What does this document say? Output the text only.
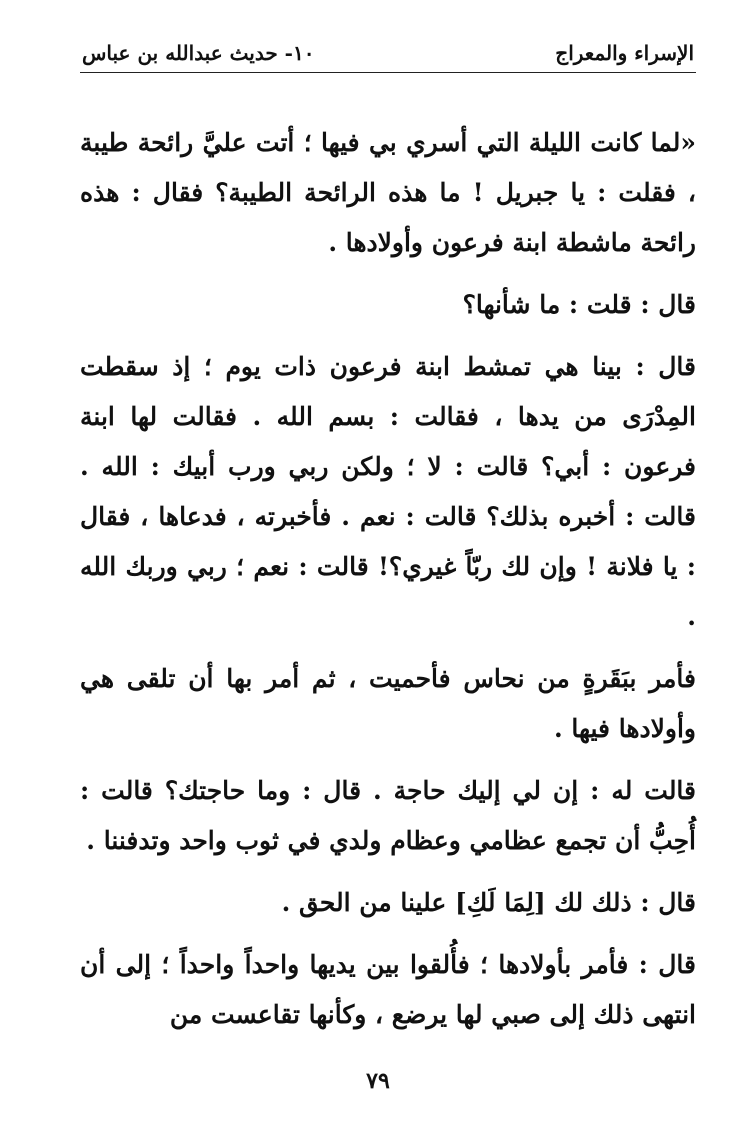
الإسراء والمعراج
١٠- حديث عبدالله بن عباس

«لما كانت الليلة التي أسري بي فيها ؛ أتت عليَّ رائحة طيبة ، فقلت : يا جبريل ! ما هذه الرائحة الطيبة؟ فقال : هذه رائحة ماشطة ابنة فرعون وأولادها .

قال : قلت : ما شأنها؟

قال : بينا هي تمشط ابنة فرعون ذات يوم ؛ إذ سقطت المِدْرَى من يدها ، فقالت : بسم الله . فقالت لها ابنة فرعون : أبي؟ قالت : لا ؛ ولكن ربي ورب أبيك : الله . قالت : أخبره بذلك؟ قالت : نعم . فأخبرته ، فدعاها ، فقال : يا فلانة ! وإن لك ربّاً غيري؟! قالت : نعم ؛ ربي وربك الله .

فأمر ببَقَرةٍ من نحاس فأحميت ، ثم أمر بها أن تلقى هي وأولادها فيها .

قالت له : إن لي إليك حاجة . قال : وما حاجتك؟ قالت : أُحِبُّ أن تجمع عظامي وعظام ولدي في ثوب واحد وتدفننا .

قال : ذلك لك [لِمَا لَكِ] علينا من الحق .

قال : فأمر بأولادها ؛ فأُلقوا بين يديها واحداً واحداً ؛ إلى أن انتهى ذلك إلى صبي لها يرضع ، وكأنها تقاعست من

٧٩
